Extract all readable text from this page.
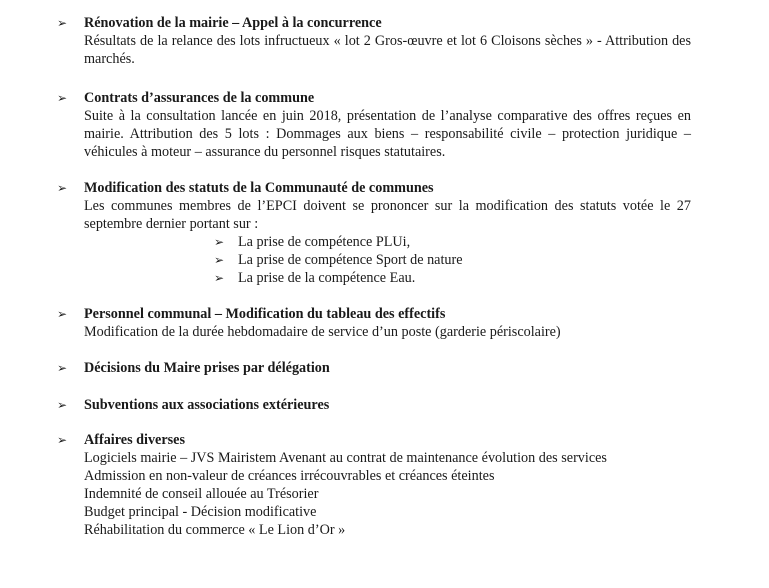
➢ Rénovation de la mairie – Appel à la concurrence

Résultats de la relance des lots infructueux « lot 2 Gros-œuvre et lot 6 Cloisons sèches » - Attribution des marchés.

➢ Contrats d’assurances de la commune

Suite à la consultation lancée en juin 2018, présentation de l’analyse comparative des offres reçues en mairie. Attribution des 5 lots : Dommages aux biens – responsabilité civile – protection juridique – véhicules à moteur – assurance du personnel risques statutaires.

➢ Modification des statuts de la Communauté de communes

Les communes membres de l’EPCI doivent se prononcer sur la modification des statuts votée le 27 septembre dernier portant sur :

➢ La prise de compétence PLUi,
➢ La prise de compétence Sport de nature
➢ La prise de la compétence Eau.
➢ Personnel communal – Modification du tableau des effectifs

Modification de la durée hebdomadaire de service d’un poste (garderie périscolaire)

➢ Décisions du Maire prises par délégation
➢ Subventions aux associations extérieures
➢ Affaires diverses
Logiciels mairie – JVS Mairistem Avenant au contrat de maintenance évolution des services
Admission en non-valeur de créances irrécouvrables et créances éteintes
Indemnité de conseil allouée au Trésorier
Budget principal - Décision modificative
Réhabilitation du commerce « Le Lion d’Or »
